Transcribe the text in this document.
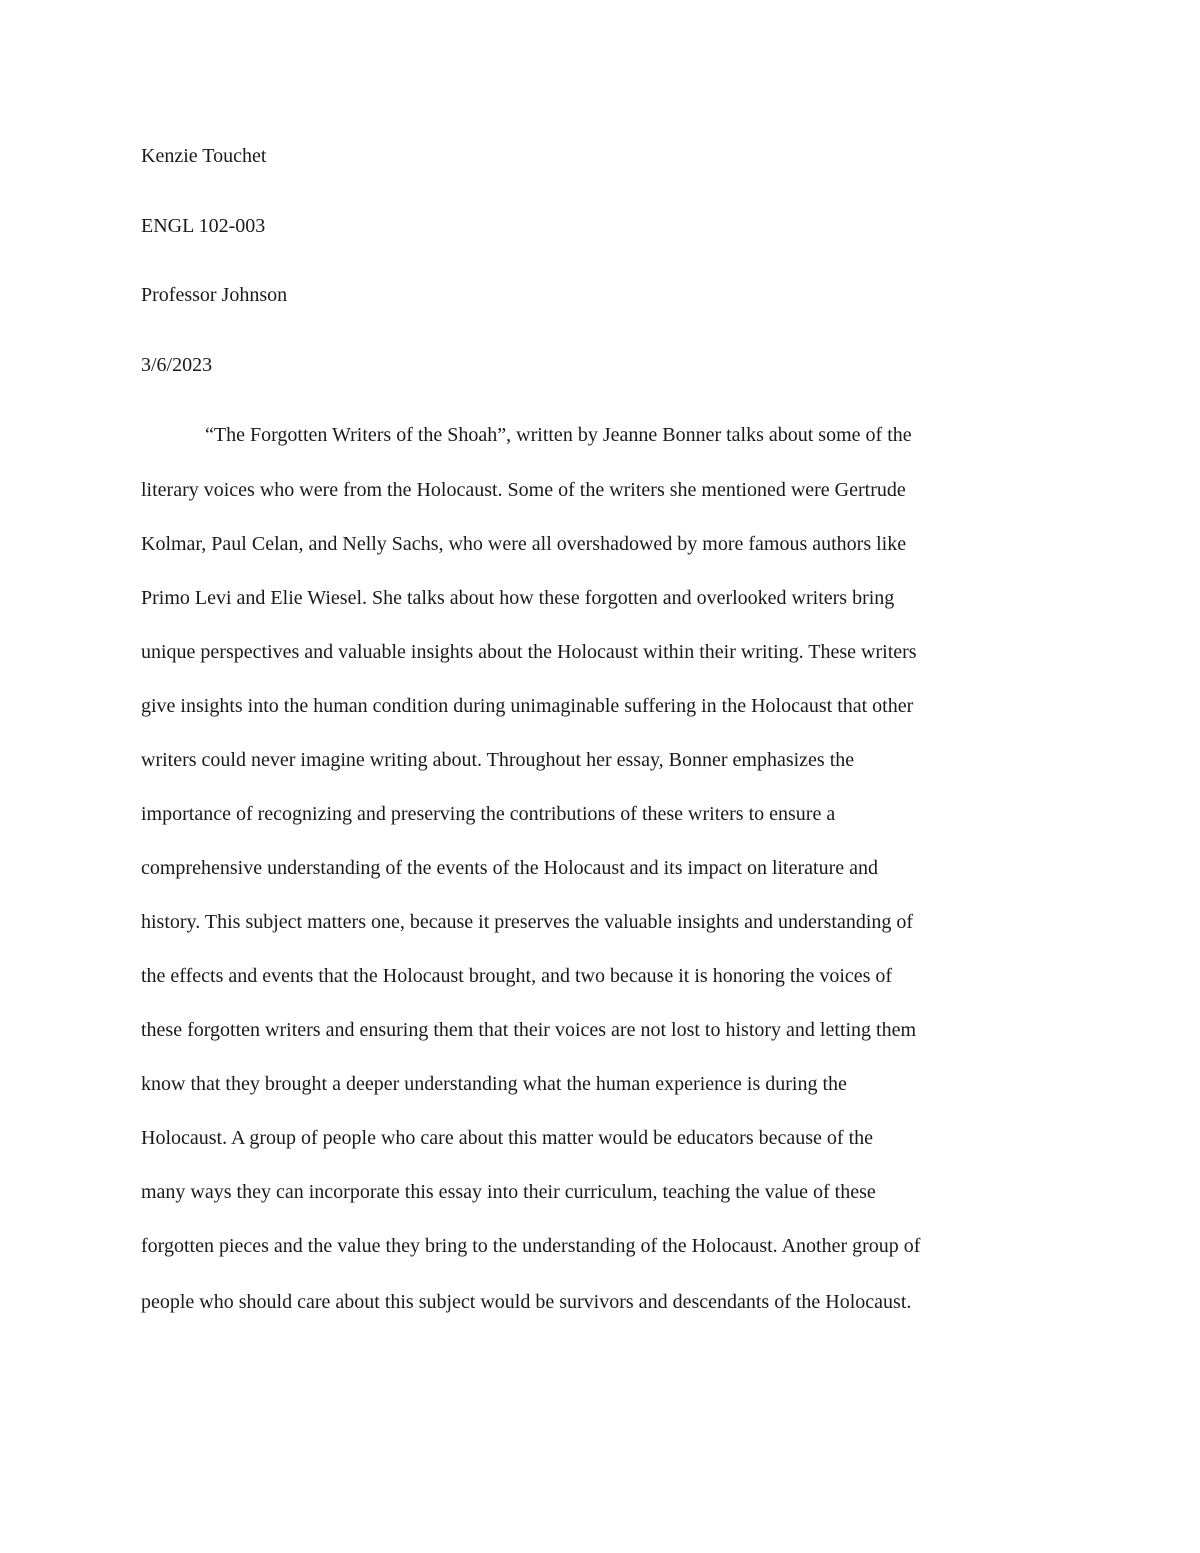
Kenzie Touchet

ENGL 102-003

Professor Johnson

3/6/2023

“The Forgotten Writers of the Shoah”, written by Jeanne Bonner talks about some of the

literary voices who were from the Holocaust. Some of the writers she mentioned were Gertrude

Kolmar, Paul Celan, and Nelly Sachs, who were all overshadowed by more famous authors like

Primo Levi and Elie Wiesel. She talks about how these forgotten and overlooked writers bring

unique perspectives and valuable insights about the Holocaust within their writing. These writers

give insights into the human condition during unimaginable suffering in the Holocaust that other

writers could never imagine writing about. Throughout her essay, Bonner emphasizes the

importance of recognizing and preserving the contributions of these writers to ensure a

comprehensive understanding of the events of the Holocaust and its impact on literature and

history. This subject matters one, because it preserves the valuable insights and understanding of

the effects and events that the Holocaust brought, and two because it is honoring the voices of

these forgotten writers and ensuring them that their voices are not lost to history and letting them

know that they brought a deeper understanding what the human experience is during the

Holocaust. A group of people who care about this matter would be educators because of the

many ways they can incorporate this essay into their curriculum, teaching the value of these

forgotten pieces and the value they bring to the understanding of the Holocaust. Another group of

people who should care about this subject would be survivors and descendants of the Holocaust.
